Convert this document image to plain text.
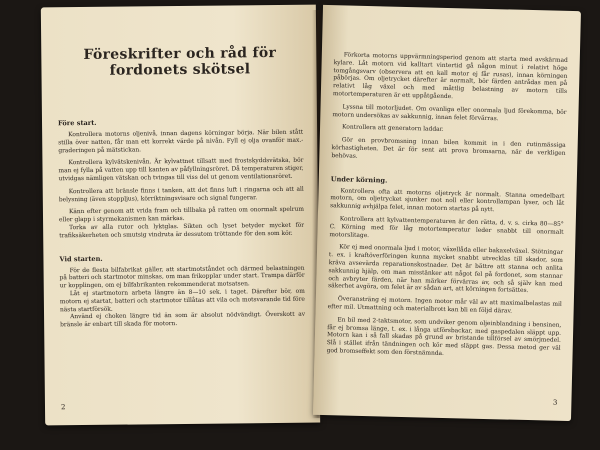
Föreskrifter och råd för
fordonets skötsel
Före start.

Kontrollera motorns oljenivå, innan dagens körningar börja. När bilen stått stilla över natten, får man ett korrekt värde på nivån. Fyll ej olja ovanför max.-graderingen på mätstickan.

Kontrollera kylvätskenivån. Är kylvattnet tillsatt med frostskyddsvätska, bör man ej fylla på vatten upp till kanten av påfyllningsröret. Då temperaturen stiger, utvidgas nämligen vätskan och tvingas till viss del ut genom ventilationsröret.

Kontrollera att bränsle finns i tanken, att det finns luft i ringarna och att all belysning (även stoppljus), körriktningsvisare och signal fungerar.

Känn efter genom att vrida fram och tillbaka på ratten om onormalt spelrum eller glapp i styrmekanismen kan märkas.

Torka av alla rutor och lyktglas. Sikten och lyset betyder mycket för trafiksäkerheten och smutsig vindruta är dessutom tröttande för den som kör.

Vid starten.

För de flesta bilfabrikat gäller, att startmotståndet och därmed belastningen på batteri och startmotor minskas, om man frikopplar under start. Trampa därför ur kopplingen, om ej bilfabrikanten rekommenderat motsatsen.

Låt ej startmotorn arbeta längre än 8—10 sek. i taget. Därefter bör, om motorn ej startat, batteri och startmotor tillåtas att vila och motsvarande tid före nästa startförsök.

Använd ej choken längre tid än som är absolut nödvändigt. Överskott av bränsle är enbart till skada för motorn.

2

Förkorta motorns uppvärmningsperiod genom att starta med avskärmad kylare. Låt motorn vid kalltart vintertid gå någon minut i relativt höge tomgångsvarv (observera att en kall motor ej får rusas), innan körningen påbörjas. Om oljetrycket därefter är normalt, bör färden antrådas men på relativt låg växel och med måttlig belastning av motorn tills motortemperaturen är ett uppåtgående.

Lyssna till motorljudet. Om ovanliga eller onormala ljud förekomma, bör motorn undersökas av sakkunnig, innan felet förvärras.

Kontrollera att generatorn laddar.

Gör en provbromsning innan bilen kommit in i den rutinmässiga körhastigheten. Det är för sent att prova bromsarna, när de verkligen behövas.

Under körning.

Kontrollera ofta att motorns oljetryck är normalt. Stanna omedelbart motorn, om oljetrycket sjunker mot noll eller kontrollampan lyser, och låt sakkunnig avhjälpa felet, innan motorn startas på nytt.

Kontrollera att kylvattentemperaturen är den rätta, d. v. s. cirka 80—85° C. Körning med för låg motortemperatur leder snabbt till onormalt motorslitage.

Kör ej med onormala ljud i motor, växellåda eller bakaxelväxel. Stötningar t. ex. i kraftöverföringen kunna mycket snabbt utvecklas till skador, som kräva avsevärda reparationskostnader. Det är bättre att stanna och anlita sakkunnig hjälp, om man misstänker att något fel på fordonet, som stannar och avbryter färden, när han märker förvärras av, och så själv kan med säkerhet avgöra, om felet är av sådan art, att körningen fortsättes.

Överansträng ej motorn. Ingen motor mår väl av att maximalbelastas mil efter mil. Utmattning och materialbrott kan bli en följd därav.

En bil med 2-taktsmotor, som undviker genom oljeinblandning i bensinen, får ej bromsa länge, t. ex. i långa utförsbackar, med gaspedalen släppt upp. Motorn kan i så fall skadas på grund av bristande tillförsel av smörjmedel. Slå i stället ifrån tändningen och kör med släppt gas. Dessa metod ger väl god bromseffekt som den förstnämnda.

3
